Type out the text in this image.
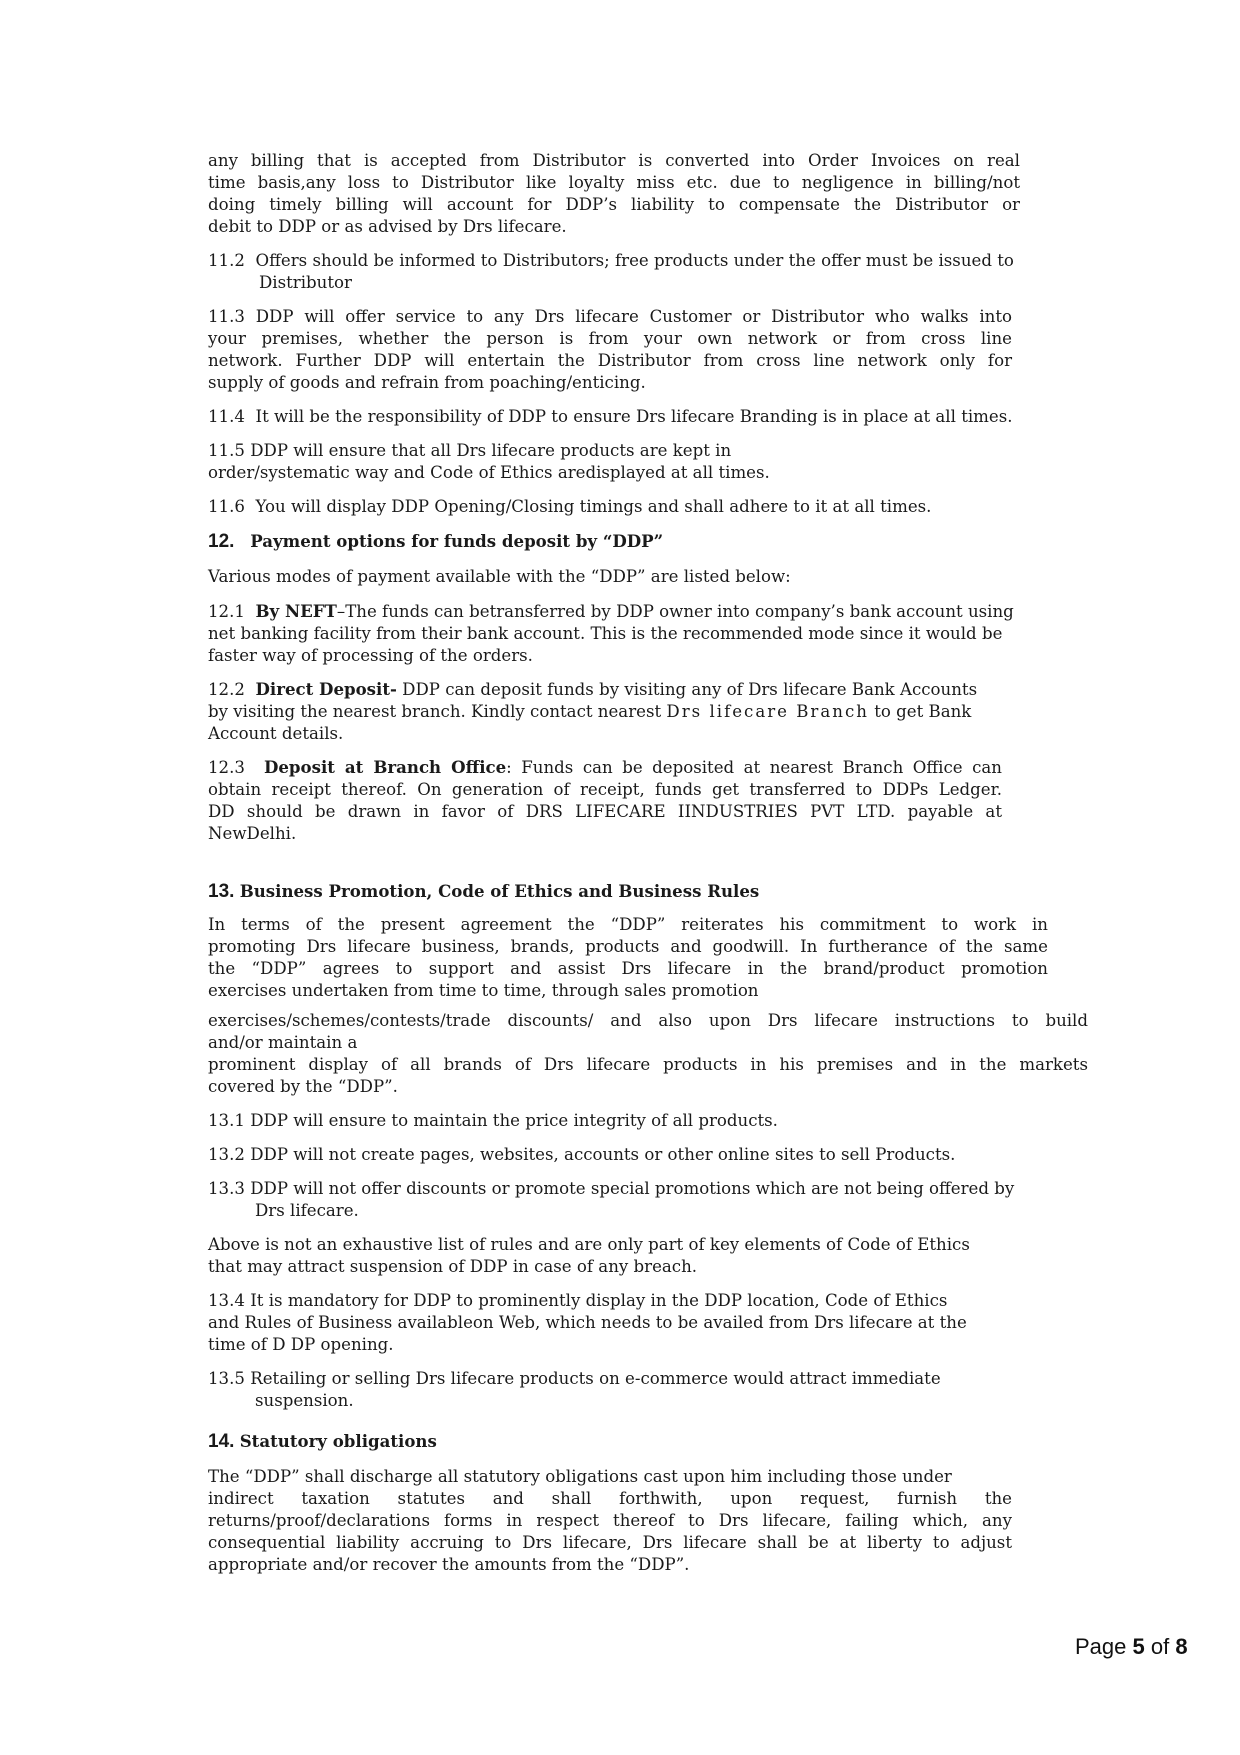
any billing that is accepted from Distributor is converted into Order Invoices on real
time basis,any loss to Distributor like loyalty miss etc. due to negligence in billing/not
doing timely billing will account for DDP’s liability to compensate the Distributor or
debit to DDP or as advised by Drs lifecare.
11.2 Offers should be informed to Distributors; free products under the offer must be issued to
Distributor
11.3 DDP will offer service to any Drs lifecare Customer or Distributor who walks into
your premises, whether the person is from your own network or from cross line
network. Further DDP will entertain the Distributor from cross line network only for
supply of goods and refrain from poaching/enticing.
11.4 It will be the responsibility of DDP to ensure Drs lifecare Branding is in place at all times.
11.5 DDP will ensure that all Drs lifecare products are kept in
order/systematic way and Code of Ethics aredisplayed at all times.
11.6 You will display DDP Opening/Closing timings and shall adhere to it at all times.
12. Payment options for funds deposit by “DDP”
Various modes of payment available with the “DDP” are listed below:
12.1 By NEFT–The funds can betransferred by DDP owner into company’s bank account using
net banking facility from their bank account. This is the recommended mode since it would be
faster way of processing of the orders.
12.2 Direct Deposit- DDP can deposit funds by visiting any of Drs lifecare Bank Accounts
by visiting the nearest branch. Kindly contact nearest Drs lifecare Branch to get Bank
Account details.
12.3 Deposit at Branch Office: Funds can be deposited at nearest Branch Office can
obtain receipt thereof. On generation of receipt, funds get transferred to DDPs Ledger.
DD should be drawn in favor of DRS LIFECARE IINDUSTRIES PVT LTD. payable at
NewDelhi.
13. Business Promotion, Code of Ethics and Business Rules
In terms of the present agreement the “DDP” reiterates his commitment to work in
promoting Drs lifecare business, brands, products and goodwill. In furtherance of the same
the “DDP” agrees to support and assist Drs lifecare in the brand/product promotion
exercises undertaken from time to time, through sales promotion
exercises/schemes/contests/trade discounts/ and also upon Drs lifecare instructions to build
and/or maintain a
prominent display of all brands of Drs lifecare products in his premises and in the markets
covered by the “DDP”.
13.1 DDP will ensure to maintain the price integrity of all products.
13.2 DDP will not create pages, websites, accounts or other online sites to sell Products.
13.3 DDP will not offer discounts or promote special promotions which are not being offered by
Drs lifecare.
Above is not an exhaustive list of rules and are only part of key elements of Code of Ethics
that may attract suspension of DDP in case of any breach.
13.4 It is mandatory for DDP to prominently display in the DDP location, Code of Ethics
and Rules of Business availableon Web, which needs to be availed from Drs lifecare at the
time of D DP opening.
13.5 Retailing or selling Drs lifecare products on e-commerce would attract immediate
suspension.
14. Statutory obligations
The “DDP” shall discharge all statutory obligations cast upon him including those under
indirect taxation statutes and shall forthwith, upon request, furnish the
returns/proof/declarations forms in respect thereof to Drs lifecare, failing which, any
consequential liability accruing to Drs lifecare, Drs lifecare shall be at liberty to adjust
appropriate and/or recover the amounts from the “DDP”.
Page 5 of 8
